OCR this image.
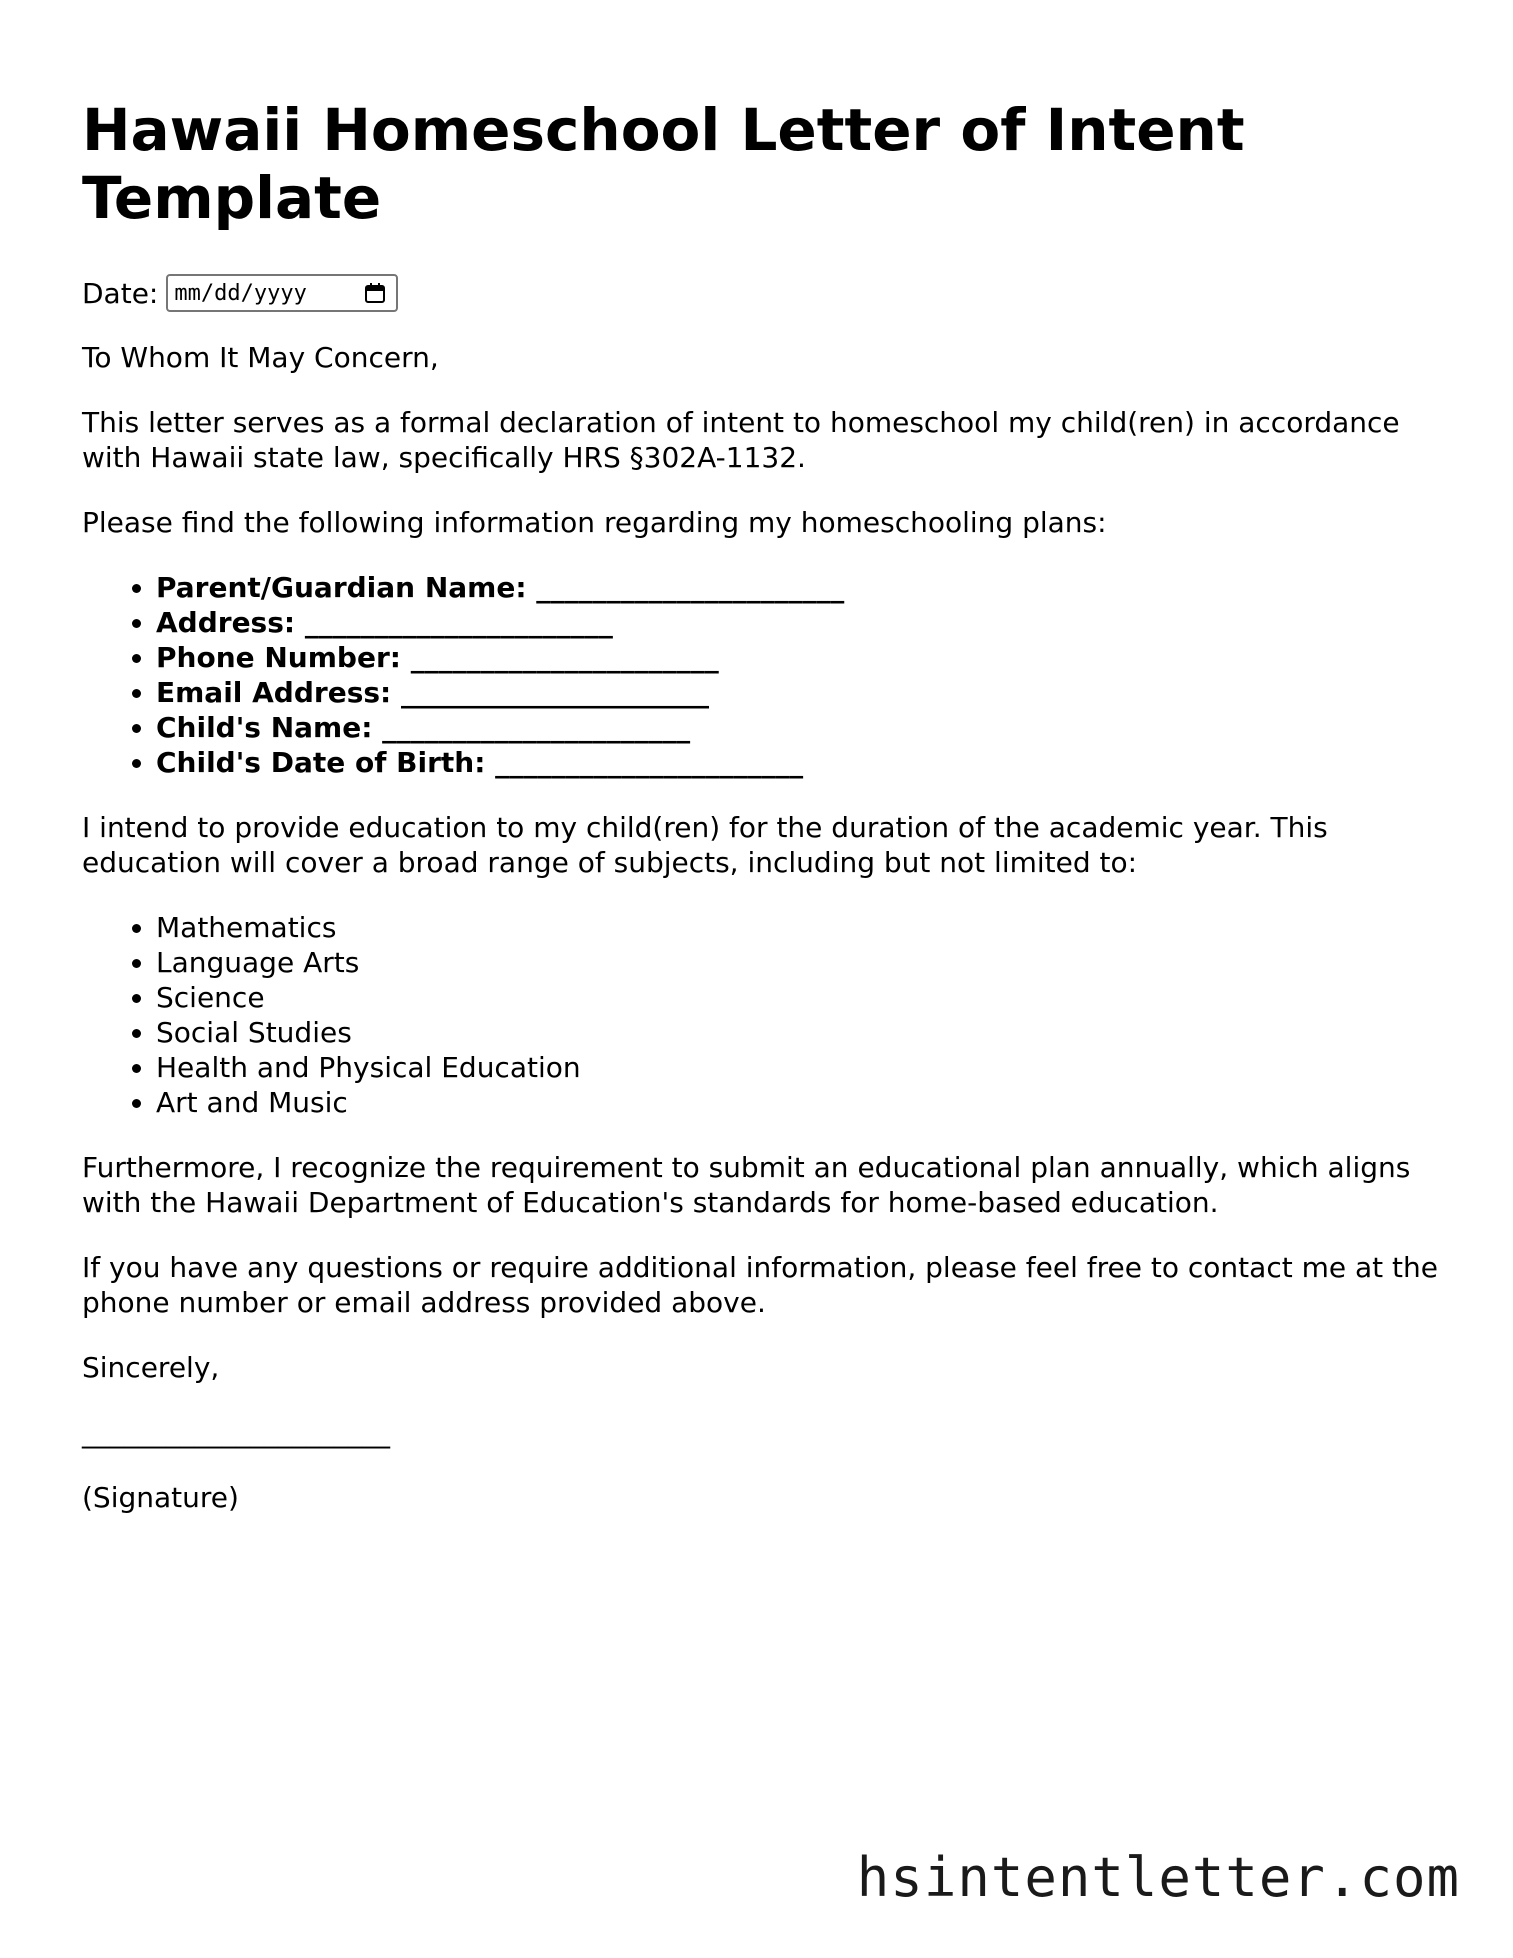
Hawaii Homeschool Letter of Intent Template
Date: mm/dd/yyyy

To Whom It May Concern,

This letter serves as a formal declaration of intent to homeschool my child(ren) in accordance with Hawaii state law, specifically HRS §302A-1132.

Please find the following information regarding my homeschooling plans:

• Parent/Guardian Name: ______________________
• Address: ______________________
• Phone Number: ______________________
• Email Address: ______________________
• Child's Name: ______________________
• Child's Date of Birth: ______________________

I intend to provide education to my child(ren) for the duration of the academic year. This education will cover a broad range of subjects, including but not limited to:

• Mathematics
• Language Arts
• Science
• Social Studies
• Health and Physical Education
• Art and Music

Furthermore, I recognize the requirement to submit an educational plan annually, which aligns with the Hawaii Department of Education's standards for home-based education.

If you have any questions or require additional information, please feel free to contact me at the phone number or email address provided above.

Sincerely,

______________________

(Signature)

hsintentletter.com
